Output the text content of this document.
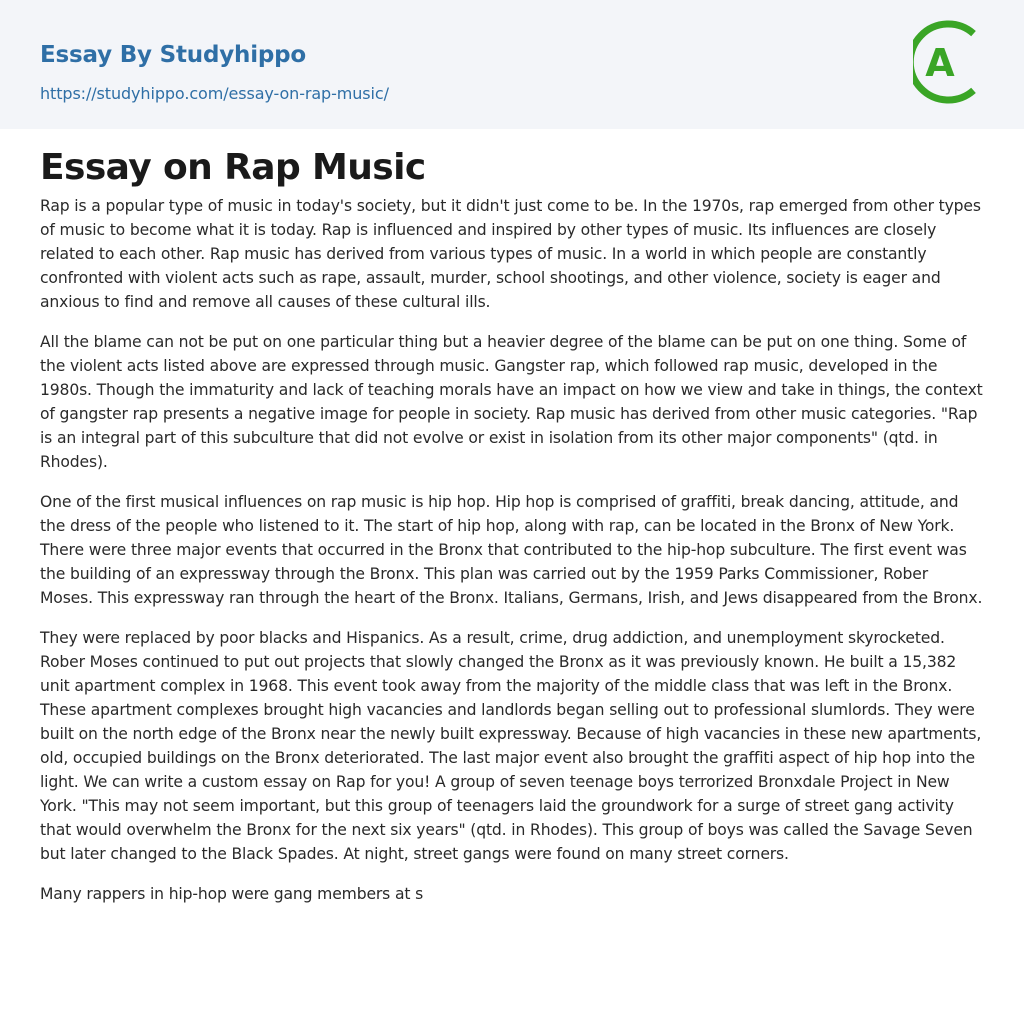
Essay By Studyhippo
https://studyhippo.com/essay-on-rap-music/
A
Essay on Rap Music

Rap is a popular type of music in today's society, but it didn't just come to be. In the 1970s, rap emerged from other types of music to become what it is today. Rap is influenced and inspired by other types of music. Its influences are closely related to each other. Rap music has derived from various types of music. In a world in which people are constantly confronted with violent acts such as rape, assault, murder, school shootings, and other violence, society is eager and anxious to find and remove all causes of these cultural ills.

All the blame can not be put on one particular thing but a heavier degree of the blame can be put on one thing. Some of the violent acts listed above are expressed through music. Gangster rap, which followed rap music, developed in the 1980s. Though the immaturity and lack of teaching morals have an impact on how we view and take in things, the context of gangster rap presents a negative image for people in society. Rap music has derived from other music categories. "Rap is an integral part of this subculture that did not evolve or exist in isolation from its other major components" (qtd. in Rhodes).

One of the first musical influences on rap music is hip hop. Hip hop is comprised of graffiti, break dancing, attitude, and the dress of the people who listened to it. The start of hip hop, along with rap, can be located in the Bronx of New York. There were three major events that occurred in the Bronx that contributed to the hip-hop subculture. The first event was the building of an expressway through the Bronx. This plan was carried out by the 1959 Parks Commissioner, Rober Moses. This expressway ran through the heart of the Bronx. Italians, Germans, Irish, and Jews disappeared from the Bronx.

They were replaced by poor blacks and Hispanics. As a result, crime, drug addiction, and unemployment skyrocketed. Rober Moses continued to put out projects that slowly changed the Bronx as it was previously known. He built a 15,382 unit apartment complex in 1968. This event took away from the majority of the middle class that was left in the Bronx. These apartment complexes brought high vacancies and landlords began selling out to professional slumlords. They were built on the north edge of the Bronx near the newly built expressway. Because of high vacancies in these new apartments, old, occupied buildings on the Bronx deteriorated. The last major event also brought the graffiti aspect of hip hop into the light. We can write a custom essay on Rap for you! A group of seven teenage boys terrorized Bronxdale Project in New York. "This may not seem important, but this group of teenagers laid the groundwork for a surge of street gang activity that would overwhelm the Bronx for the next six years" (qtd. in Rhodes). This group of boys was called the Savage Seven but later changed to the Black Spades. At night, street gangs were found on many street corners.

Many rappers in hip-hop were gang members at s
